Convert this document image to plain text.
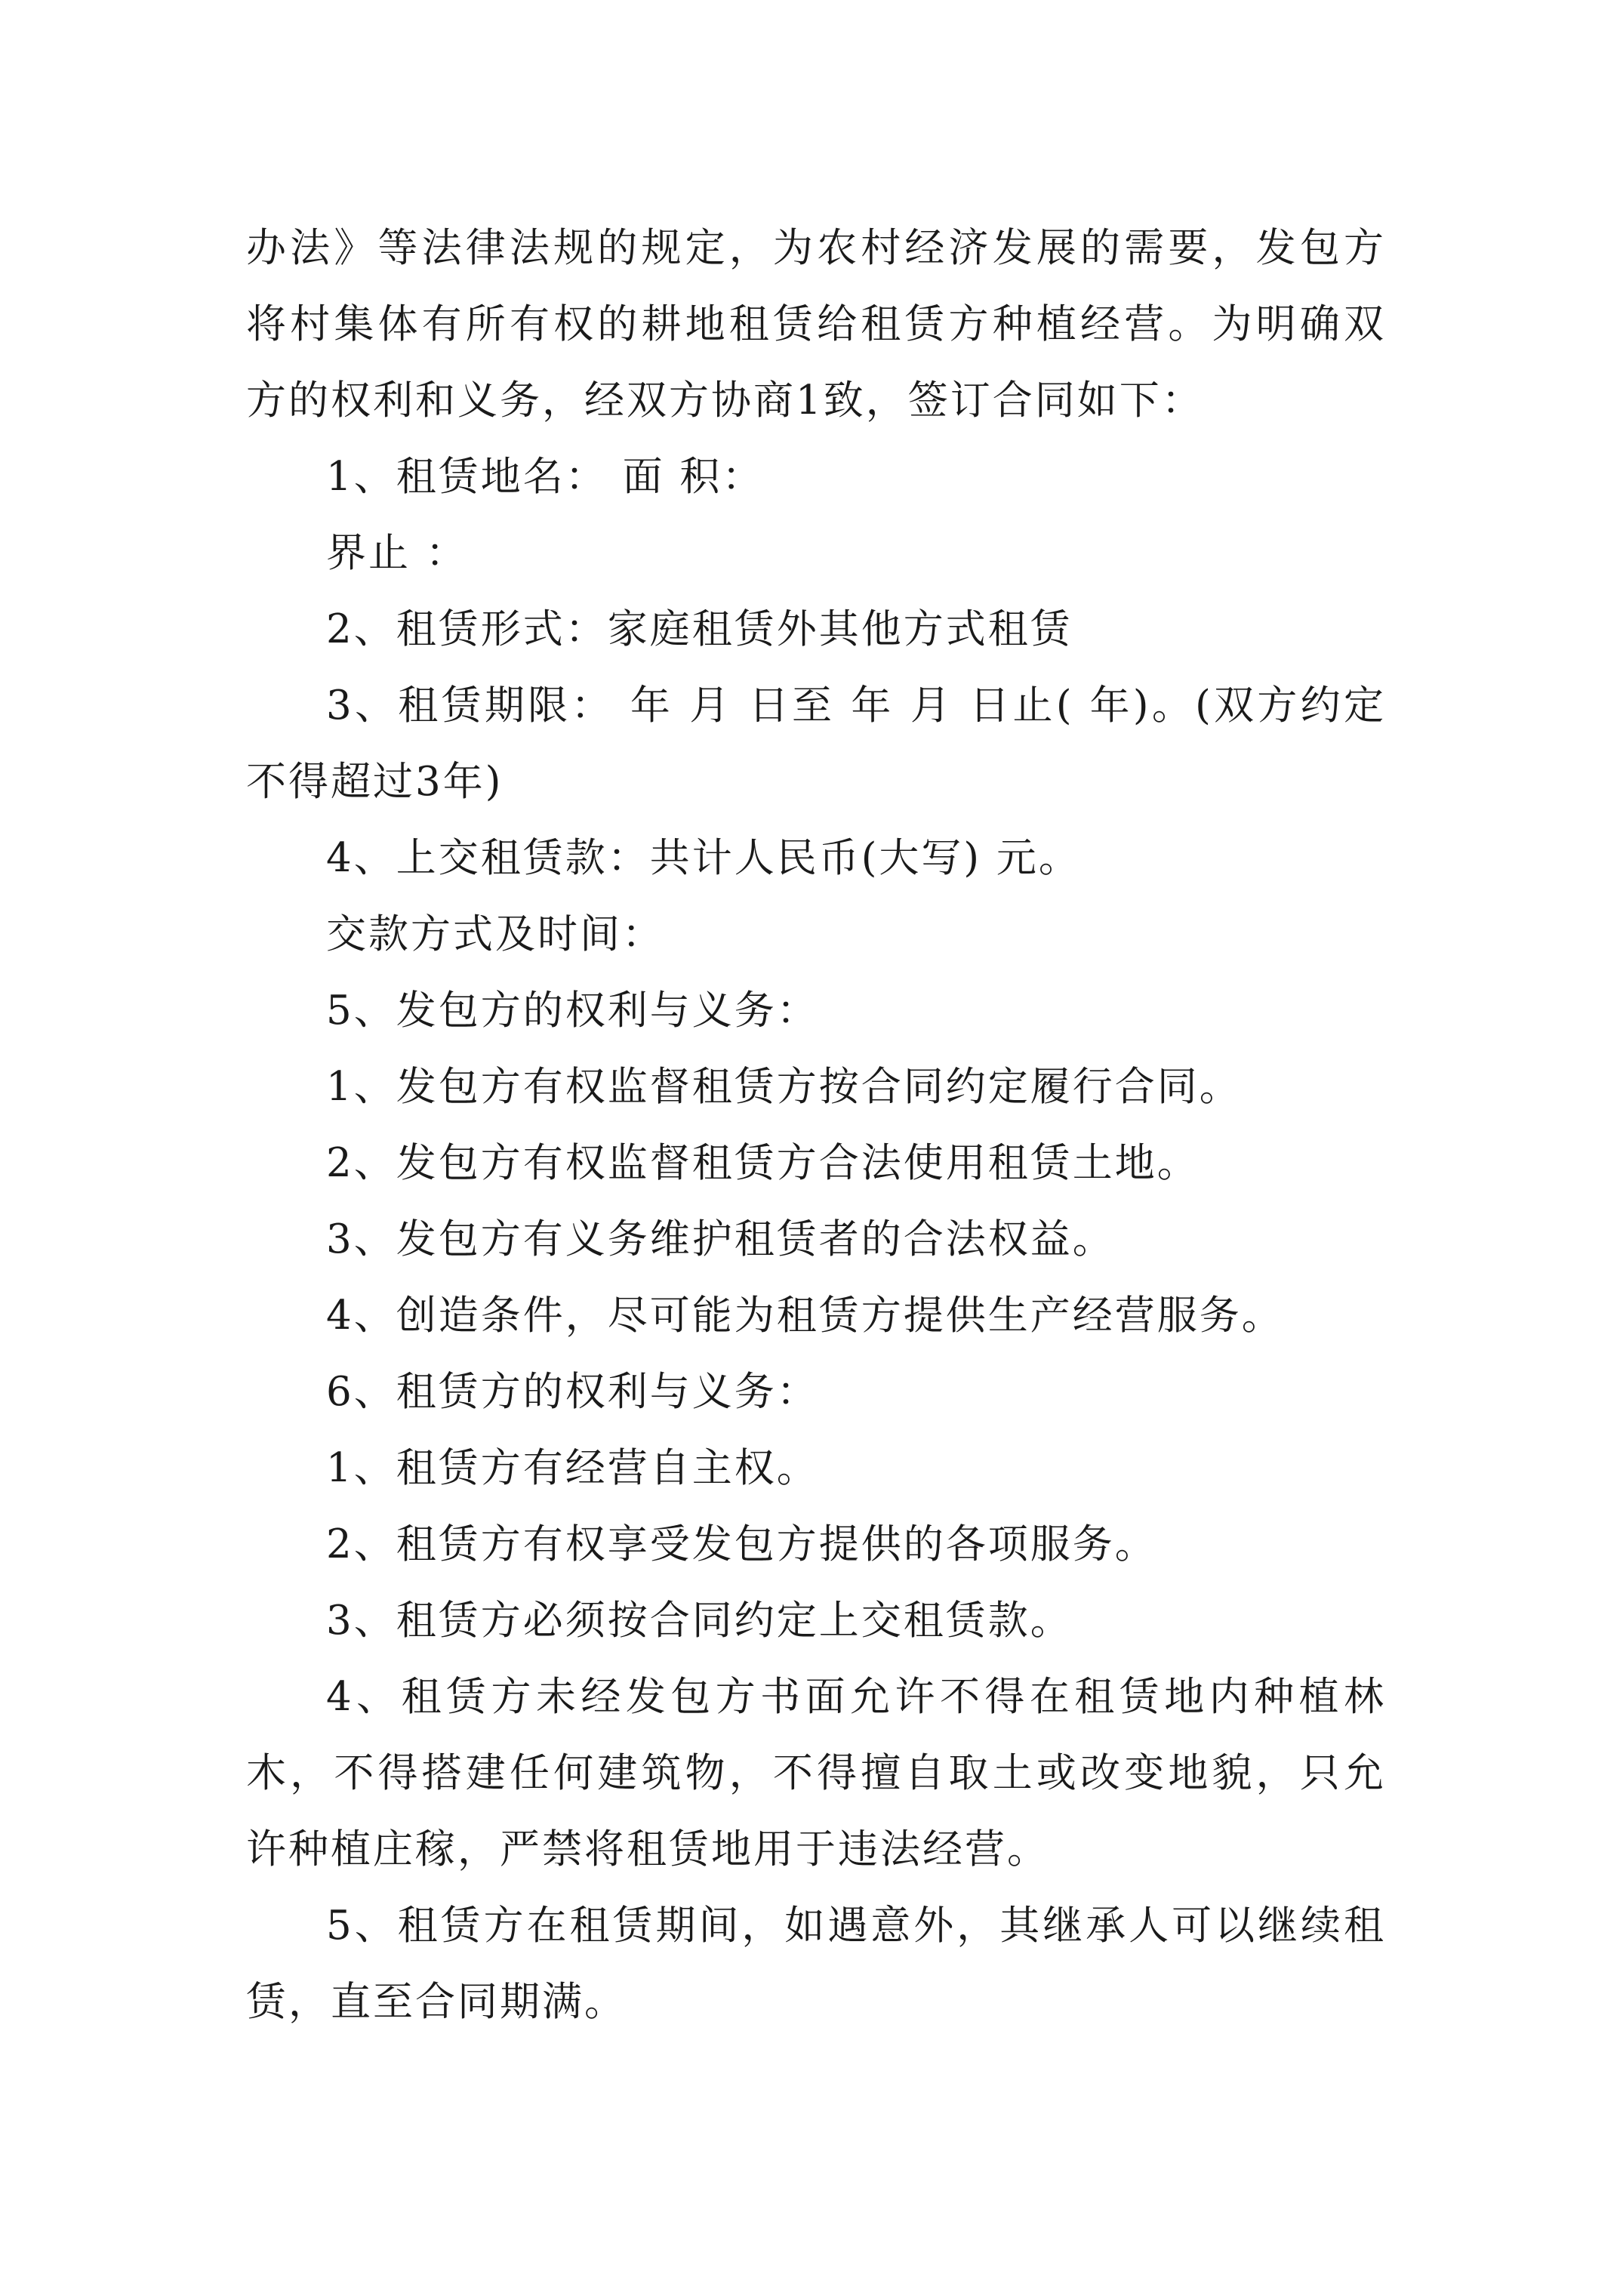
办法》等法律法规的规定，为农村经济发展的需要，发包方将村集体有所有权的耕地租赁给租赁方种植经营。为明确双方的权利和义务，经双方协商1致，签订合同如下：

1、租赁地名： 面 积：

界止 ：

2、租赁形式：家庭租赁外其他方式租赁

3、租赁期限： 年 月 日至 年 月 日止( 年)。(双方约定不得超过3年)

4、上交租赁款：共计人民币(大写) 元。

交款方式及时间：

5、发包方的权利与义务：

1、发包方有权监督租赁方按合同约定履行合同。

2、发包方有权监督租赁方合法使用租赁土地。

3、发包方有义务维护租赁者的合法权益。

4、创造条件，尽可能为租赁方提供生产经营服务。

6、租赁方的权利与义务：

1、租赁方有经营自主权。

2、租赁方有权享受发包方提供的各项服务。

3、租赁方必须按合同约定上交租赁款。

4、租赁方未经发包方书面允许不得在租赁地内种植林木，不得搭建任何建筑物，不得擅自取土或改变地貌，只允许种植庄稼，严禁将租赁地用于违法经营。

5、租赁方在租赁期间，如遇意外，其继承人可以继续租赁，直至合同期满。
